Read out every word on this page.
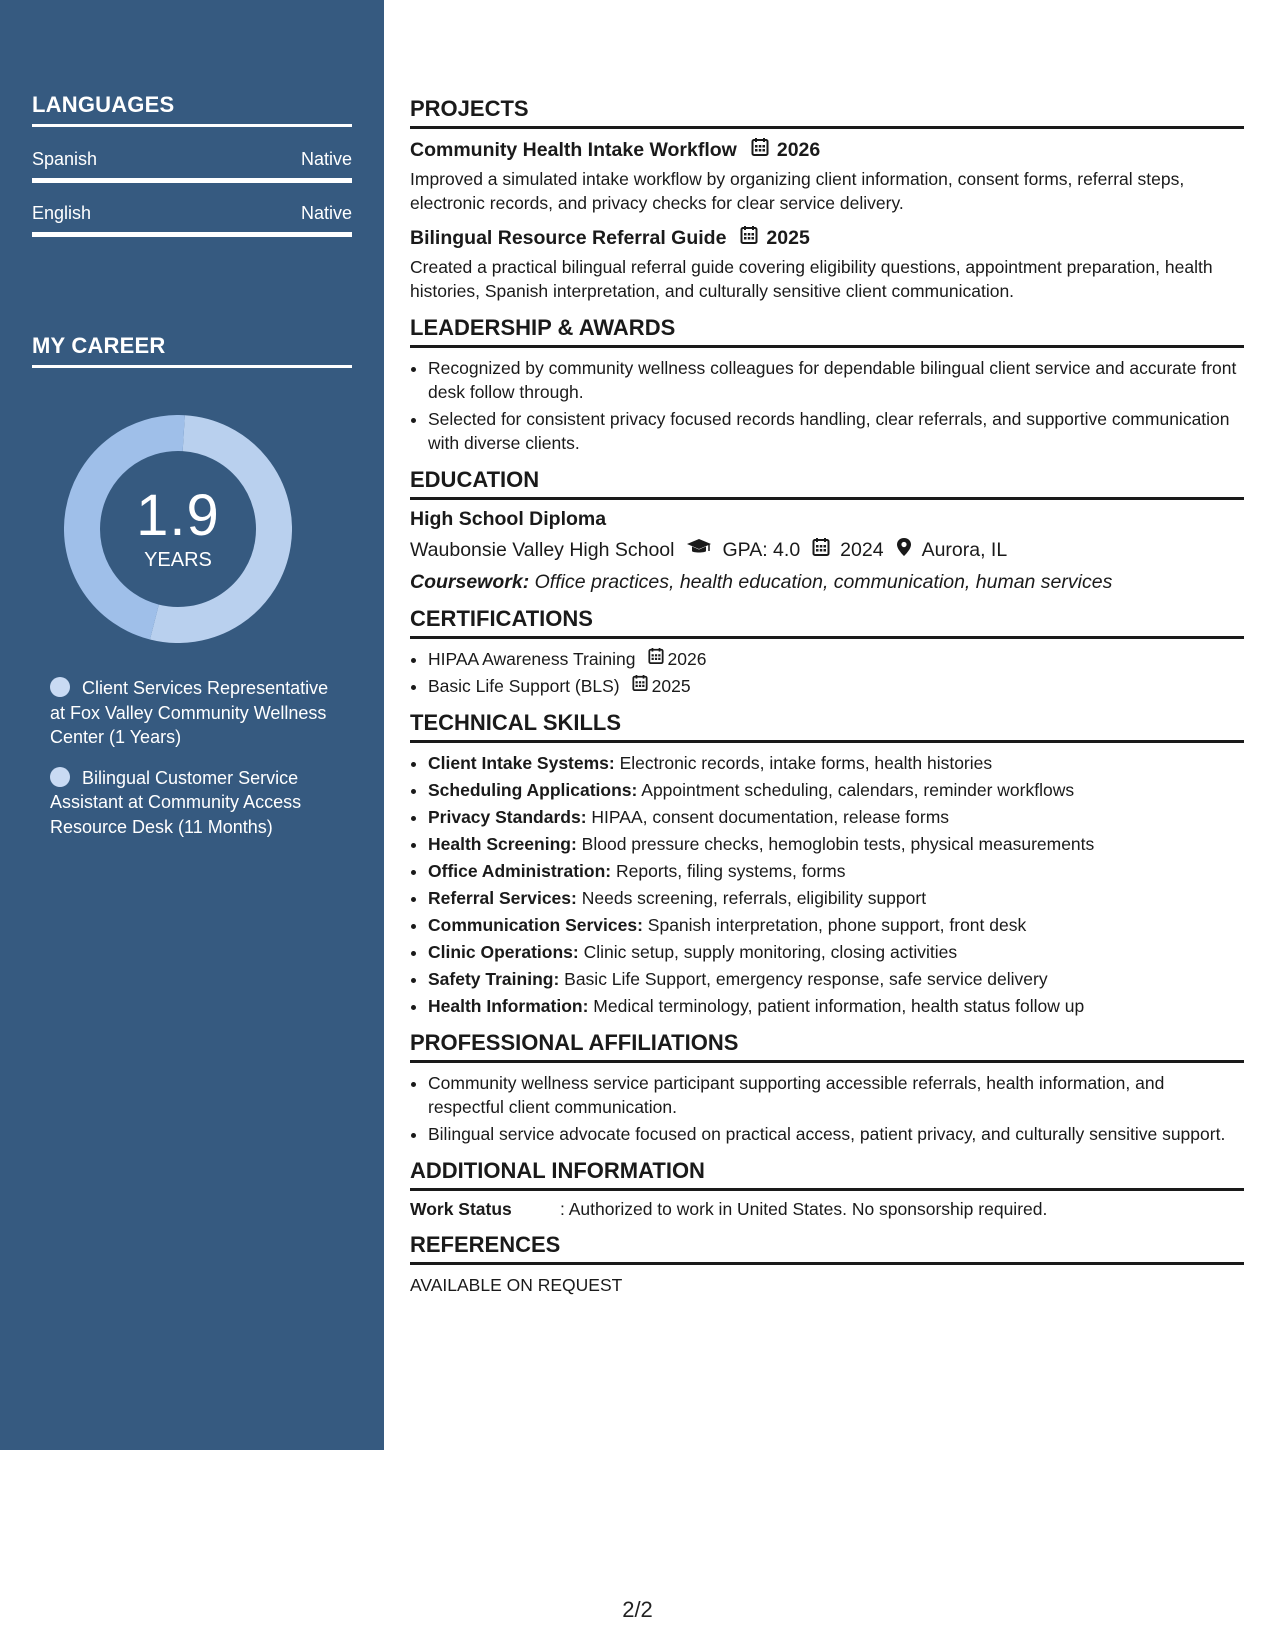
LANGUAGES
Spanish	Native
English	Native
MY CAREER
1.9
YEARS
Client Services Representative at Fox Valley Community Wellness Center (1 Years)
Bilingual Customer Service Assistant at Community Access Resource Desk (11 Months)
PROJECTS
Community Health Intake Workflow 2026

Improved a simulated intake workflow by organizing client information, consent forms, referral steps, electronic records, and privacy checks for clear service delivery.

Bilingual Resource Referral Guide 2025

Created a practical bilingual referral guide covering eligibility questions, appointment preparation, health histories, Spanish interpretation, and culturally sensitive client communication.

LEADERSHIP & AWARDS
• Recognized by community wellness colleagues for dependable bilingual client service and accurate front desk follow through.
• Selected for consistent privacy focused records handling, clear referrals, and supportive communication with diverse clients.
EDUCATION
High School Diploma
Waubonsie Valley High School GPA: 4.0 2024 Aurora, IL

Coursework: Office practices, health education, communication, human services

CERTIFICATIONS
• HIPAA Awareness Training 2026
• Basic Life Support (BLS) 2025
TECHNICAL SKILLS
• Client Intake Systems: Electronic records, intake forms, health histories
• Scheduling Applications: Appointment scheduling, calendars, reminder workflows
• Privacy Standards: HIPAA, consent documentation, release forms
• Health Screening: Blood pressure checks, hemoglobin tests, physical measurements
• Office Administration: Reports, filing systems, forms
• Referral Services: Needs screening, referrals, eligibility support
• Communication Services: Spanish interpretation, phone support, front desk
• Clinic Operations: Clinic setup, supply monitoring, closing activities
• Safety Training: Basic Life Support, emergency response, safe service delivery
• Health Information: Medical terminology, patient information, health status follow up
PROFESSIONAL AFFILIATIONS
• Community wellness service participant supporting accessible referrals, health information, and respectful client communication.
• Bilingual service advocate focused on practical access, patient privacy, and culturally sensitive support.
ADDITIONAL INFORMATION
Work Status	: Authorized to work in United States. No sponsorship required.
REFERENCES
AVAILABLE ON REQUEST
2/2
